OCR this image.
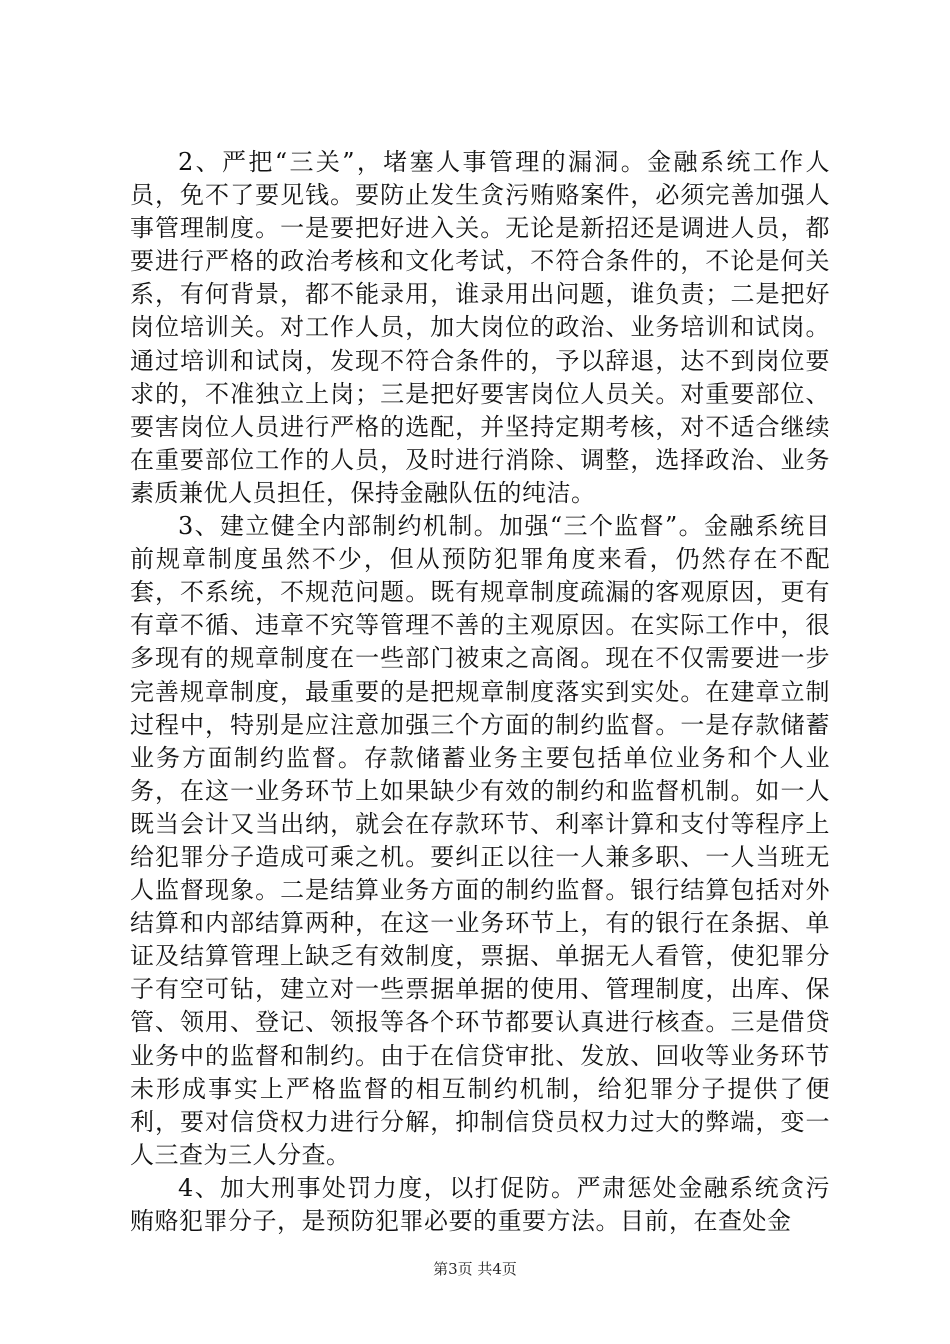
2、严把“三关”，堵塞人事管理的漏洞。金融系统工作人员，免不了要见钱。要防止发生贪污贿赂案件，必须完善加强人事管理制度。一是要把好进入关。无论是新招还是调进人员，都要进行严格的政治考核和文化考试，不符合条件的，不论是何关系，有何背景，都不能录用，谁录用出问题，谁负责；二是把好岗位培训关。对工作人员，加大岗位的政治、业务培训和试岗。通过培训和试岗，发现不符合条件的，予以辞退，达不到岗位要求的，不准独立上岗；三是把好要害岗位人员关。对重要部位、要害岗位人员进行严格的选配，并坚持定期考核，对不适合继续在重要部位工作的人员，及时进行消除、调整，选择政治、业务素质兼优人员担任，保持金融队伍的纯洁。

3、建立健全内部制约机制。加强“三个监督”。金融系统目前规章制度虽然不少，但从预防犯罪角度来看，仍然存在不配套，不系统，不规范问题。既有规章制度疏漏的客观原因，更有有章不循、违章不究等管理不善的主观原因。在实际工作中，很多现有的规章制度在一些部门被束之高阁。现在不仅需要进一步完善规章制度，最重要的是把规章制度落实到实处。在建章立制过程中，特别是应注意加强三个方面的制约监督。一是存款储蓄业务方面制约监督。存款储蓄业务主要包括单位业务和个人业务，在这一业务环节上如果缺少有效的制约和监督机制。如一人既当会计又当出纳，就会在存款环节、利率计算和支付等程序上给犯罪分子造成可乘之机。要纠正以往一人兼多职、一人当班无人监督现象。二是结算业务方面的制约监督。银行结算包括对外结算和内部结算两种，在这一业务环节上，有的银行在条据、单证及结算管理上缺乏有效制度，票据、单据无人看管，使犯罪分子有空可钻，建立对一些票据单据的使用、管理制度，出库、保管、领用、登记、领报等各个环节都要认真进行核查。三是借贷业务中的监督和制约。由于在信贷审批、发放、回收等业务环节未形成事实上严格监督的相互制约机制，给犯罪分子提供了便利，要对信贷权力进行分解，抑制信贷员权力过大的弊端，变一人三查为三人分查。

4、加大刑事处罚力度，以打促防。严肃惩处金融系统贪污贿赂犯罪分子，是预防犯罪必要的重要方法。目前，在查处金

第3页 共4页
